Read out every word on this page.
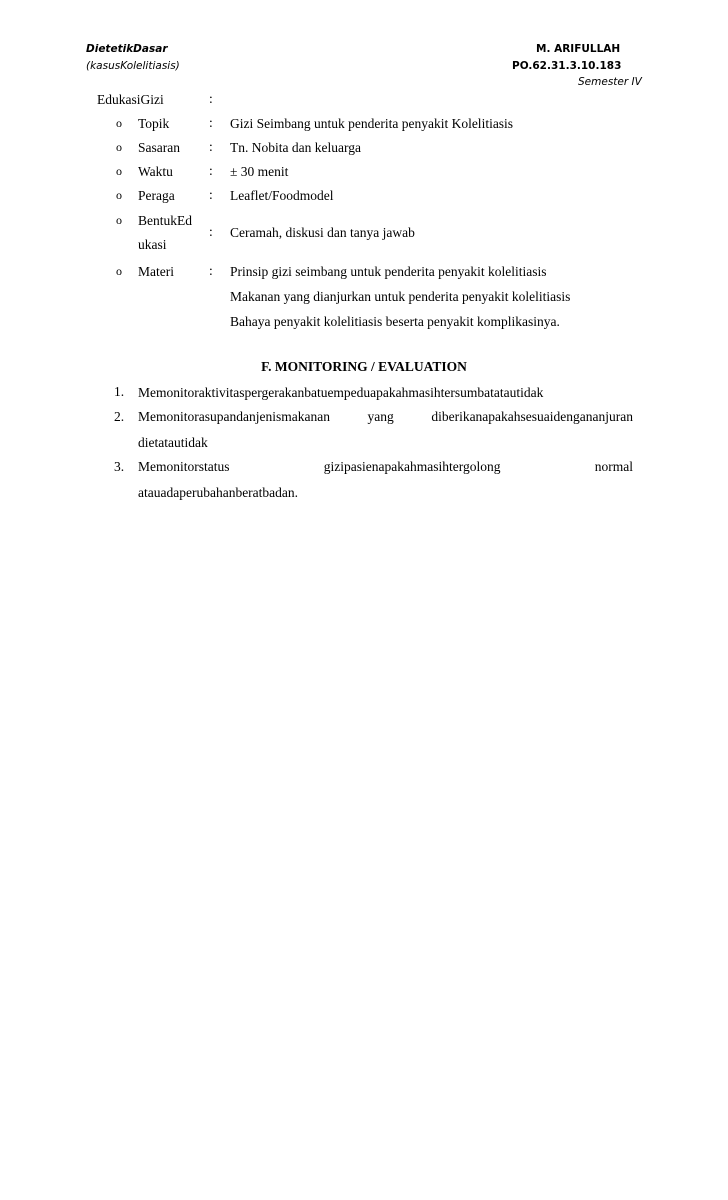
DietetikDasar
(kasusKolelitiasis)
M. ARIFULLAH
PO.62.31.3.10.183
Semester IV
EdukasiGizi	:
o Topik	: Gizi Seimbang untuk penderita penyakit Kolelitiasis
o Sasaran : Tn. Nobita dan keluarga
o Waktu	: ± 30 menit
o Peraga	: Leaflet/Foodmodel
o BentukEd
ukasi
: Ceramah, diskusi dan tanya jawab
o Materi	: Prinsip gizi seimbang untuk penderita penyakit kolelitiasis
Makanan yang dianjurkan untuk penderita penyakit kolelitiasis
Bahaya penyakit kolelitiasis beserta penyakit komplikasinya.
F. MONITORING / EVALUATION
1. Memonitoraktivitaspergerakanbatuempeduapakahmasihtersumbatatautidak
2. Memonitorasupandanjenismakanan	yang	diberikanapakahsesuaidengananjuran
dietatautidak
3. Memonitorstatus	gizipasienapakahmasihtergolong	normal
atauadaperubahanberatbadan.
